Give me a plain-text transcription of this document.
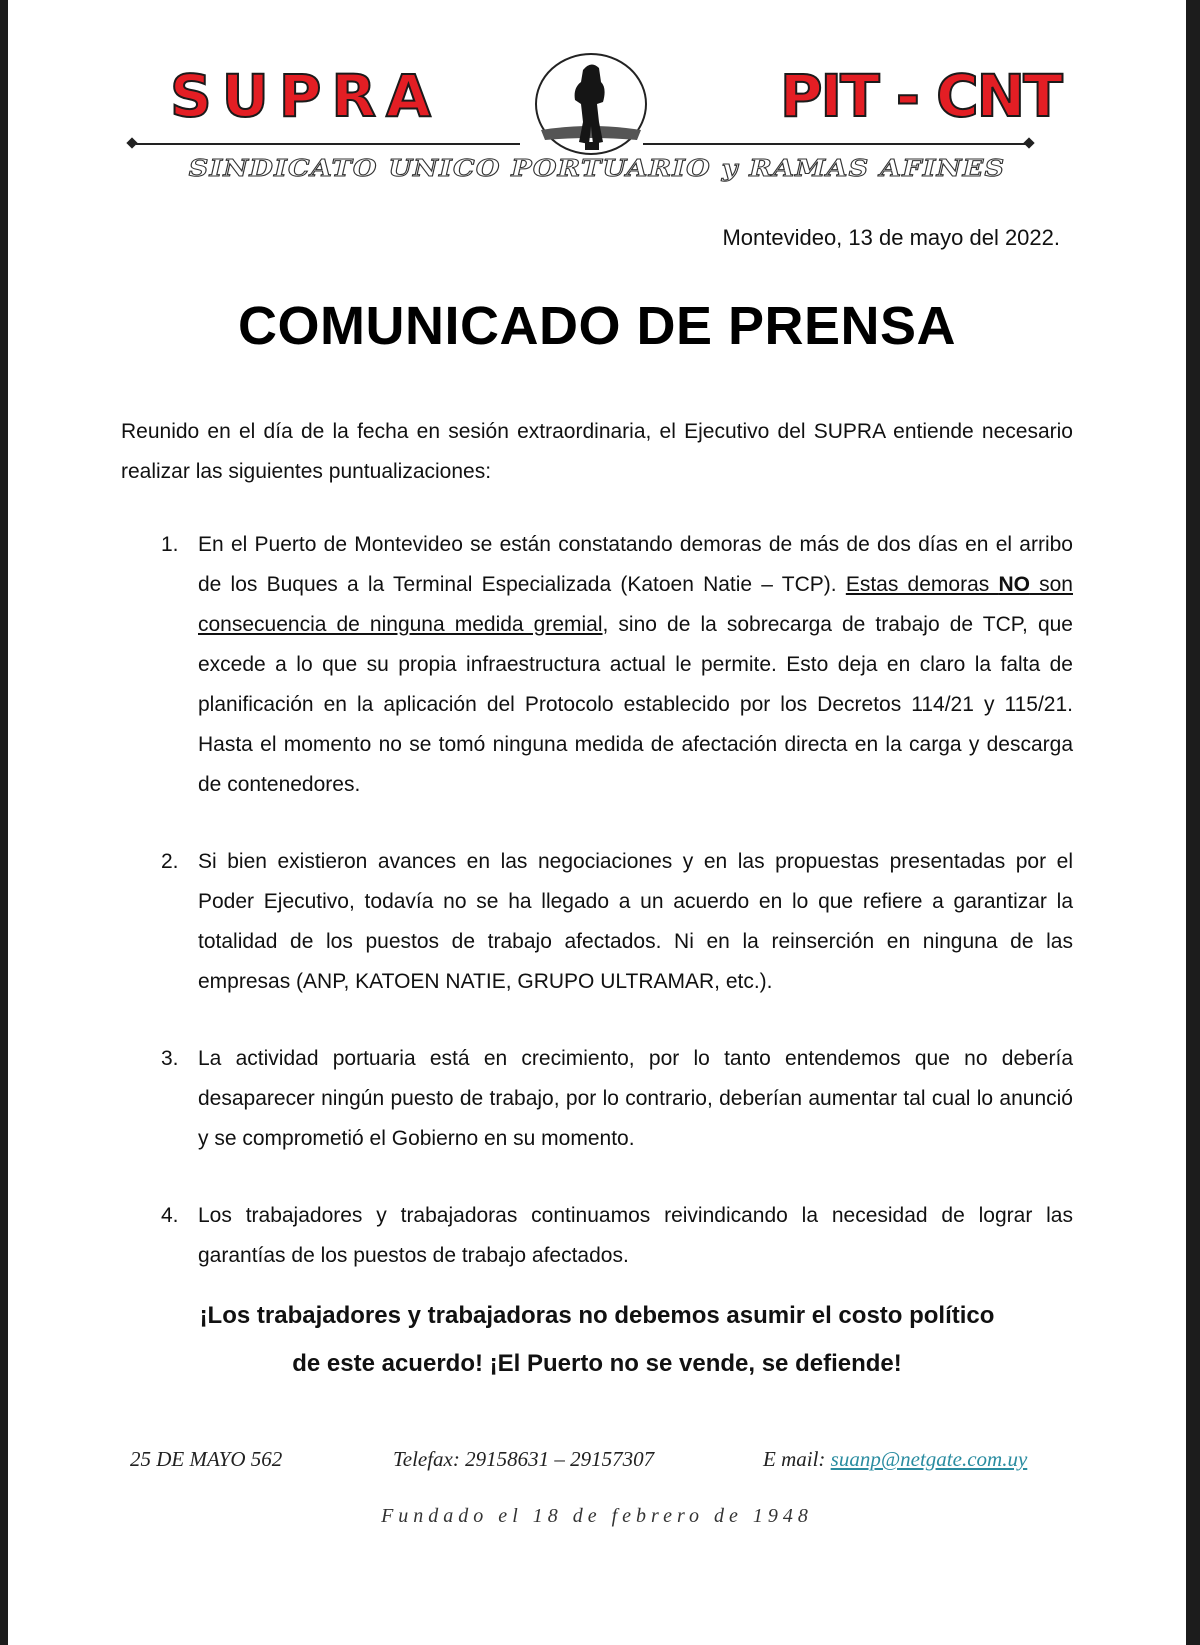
SUPRA	PIT - CNT
SINDICATO UNICO PORTUARIO y RAMAS AFINES
Montevideo, 13 de mayo del 2022.
COMUNICADO DE PRENSA
Reunido en el día de la fecha en sesión extraordinaria, el Ejecutivo del SUPRA entiende necesario realizar las siguientes puntualizaciones:
1. En el Puerto de Montevideo se están constatando demoras de más de dos días en el arribo de los Buques a la Terminal Especializada (Katoen Natie – TCP). Estas demoras NO son consecuencia de ninguna medida gremial, sino de la sobrecarga de trabajo de TCP, que excede a lo que su propia infraestructura actual le permite. Esto deja en claro la falta de planificación en la aplicación del Protocolo establecido por los Decretos 114/21 y 115/21. Hasta el momento no se tomó ninguna medida de afectación directa en la carga y descarga de contenedores.
2. Si bien existieron avances en las negociaciones y en las propuestas presentadas por el Poder Ejecutivo, todavía no se ha llegado a un acuerdo en lo que refiere a garantizar la totalidad de los puestos de trabajo afectados. Ni en la reinserción en ninguna de las empresas (ANP, KATOEN NATIE, GRUPO ULTRAMAR, etc.).
3. La actividad portuaria está en crecimiento, por lo tanto entendemos que no debería desaparecer ningún puesto de trabajo, por lo contrario, deberían aumentar tal cual lo anunció y se comprometió el Gobierno en su momento.
4. Los trabajadores y trabajadoras continuamos reivindicando la necesidad de lograr las garantías de los puestos de trabajo afectados.
¡Los trabajadores y trabajadoras no debemos asumir el costo político
de este acuerdo! ¡El Puerto no se vende, se defiende!
25 DE MAYO 562	Telefax: 29158631 – 29157307	E mail: suanp@netgate.com.uy
Fundado el 18 de febrero de 1948
